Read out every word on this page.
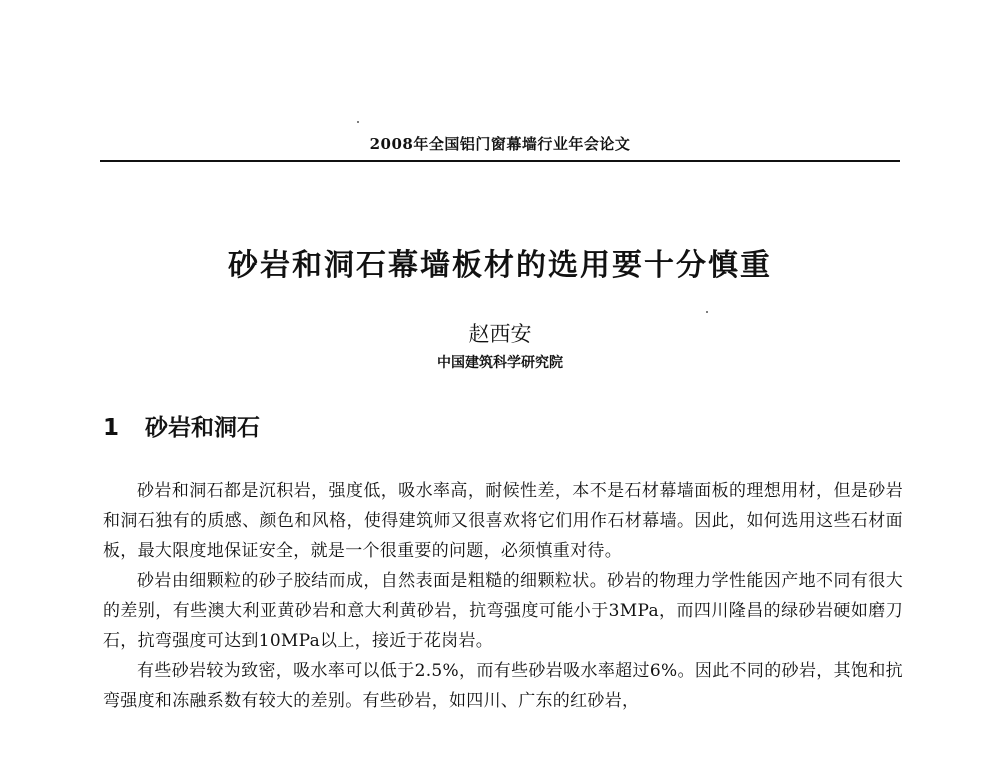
2008年全国铝门窗幕墙行业年会论文
砂岩和洞石幕墙板材的选用要十分慎重
赵西安
中国建筑科学研究院
1 砂岩和洞石

砂岩和洞石都是沉积岩，强度低，吸水率高，耐候性差，本不是石材幕墙面板的理想用材，但是砂岩和洞石独有的质感、颜色和风格，使得建筑师又很喜欢将它们用作石材幕墙。因此，如何选用这些石材面板，最大限度地保证安全，就是一个很重要的问题，必须慎重对待。

砂岩由细颗粒的砂子胶结而成，自然表面是粗糙的细颗粒状。砂岩的物理力学性能因产地不同有很大的差别，有些澳大利亚黄砂岩和意大利黄砂岩，抗弯强度可能小于3MPa，而四川隆昌的绿砂岩硬如磨刀石，抗弯强度可达到10MPa以上，接近于花岗岩。

有些砂岩较为致密，吸水率可以低于2.5%，而有些砂岩吸水率超过6%。因此不同的砂岩，其饱和抗弯强度和冻融系数有较大的差别。有些砂岩，如四川、广东的红砂岩，
